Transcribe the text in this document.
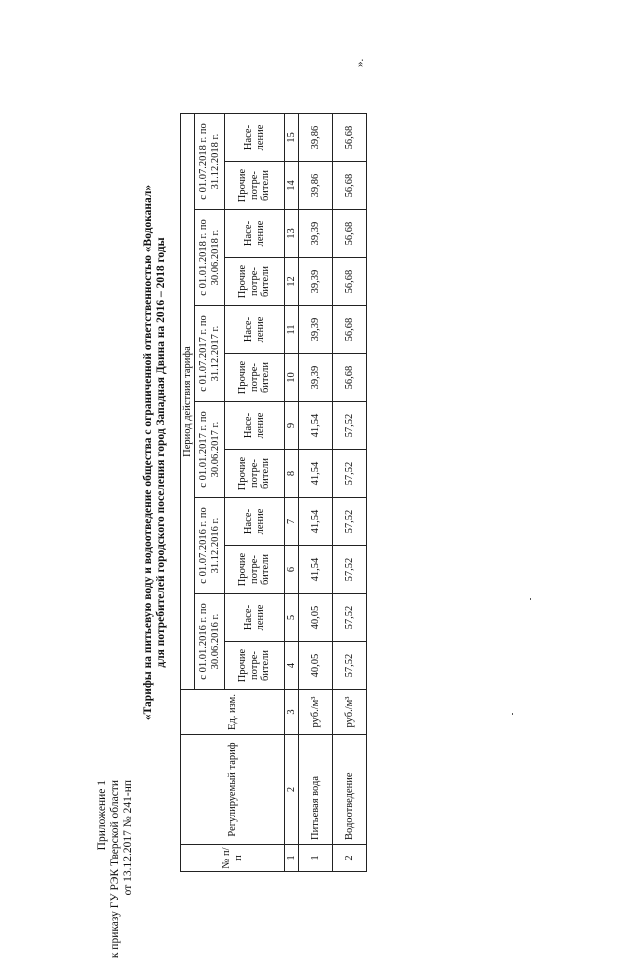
Приложение 1 к приказу ГУ РЭК Тверской области от 13.12.2017 № 241-нп
«Тарифы на питьевую воду и водоотведение общества с ограниченной ответственностью «Водоканал» для потребителей городского поселения город Западная Двина на 2016 – 2018 годы
№ п/п	Регулируемый тариф	Ед. изм.	Период действия тарифа											
			с 01.01.2016 г. по 30.06.2016 г.		с 01.07.2016 г. по 31.12.2016 г.		с 01.01.2017 г. по 30.06.2017 г.		с 01.07.2017 г. по 31.12.2017 г.		с 01.01.2018 г. по 30.06.2018 г.		с 01.07.2018 г. по 31.12.2018 г.	
			Прочие потре-бители	Насе-ление	Прочие потре-бители	Насе-ление	Прочие потре-бители	Насе-ление	Прочие потре-бители	Насе-ление	Прочие потре-бители	Насе-ление	Прочие потре-бители	Насе-ление
1	2	3	4	5	6	7	8	9	10	11	12	13	14	15
1	Питьевая вода	руб./м³	40,05	40,05	41,54	41,54	41,54	41,54	39,39	39,39	39,39	39,39	39,86	39,86
2	Водоотведение	руб./м³	57,52	57,52	57,52	57,52	57,52	57,52	56,68	56,68	56,68	56,68	56,68	56,68
».
